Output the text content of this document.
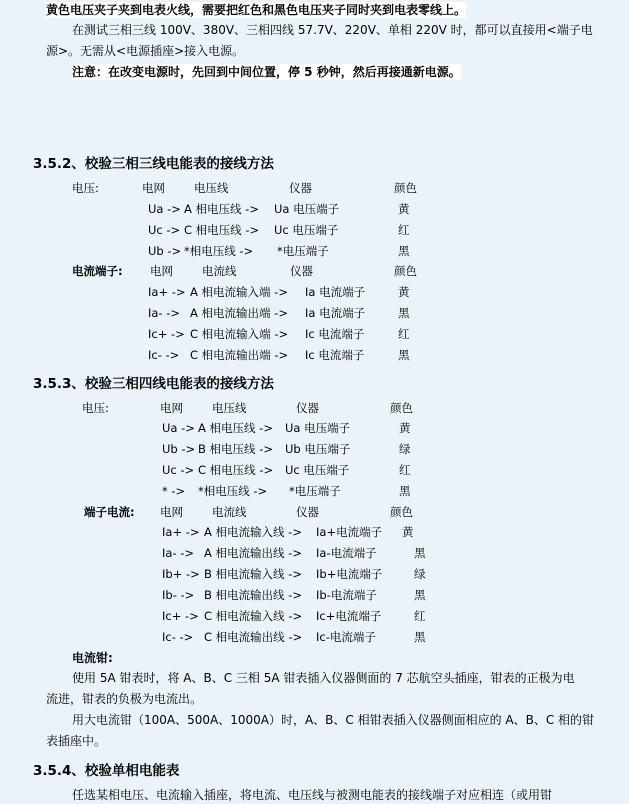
黄色电压夹子夹到电表火线，需要把红色和黑色电压夹子同时夹到电表零线上。
在测试三相三线 100V、380V、三相四线 57.7V、220V、单相 220V 时，都可以直接用<端子电
源>。无需从<电源插座>接入电源。
注意：在改变电源时，先回到中间位置，停 5 秒钟，然后再接通新电源。
3.5.2、校验三相三线电能表的接线方法
电压:	电网	电压线	仪器	颜色
Ua -> A 相电压线 -> Ua 电压端子	黄
Uc -> C 相电压线 -> Uc 电压端子	红
Ub -> *相电压线 -> *电压端子	黑
电流端子: 电网	电流线	仪器	颜色
Ia+ -> A 相电流输入端 -> Ia 电流端子	黄
Ia- -> A 相电流输出端 -> Ia 电流端子	黑
Ic+ -> C 相电流输入端 -> Ic 电流端子	红
Ic- -> C 相电流输出端 -> Ic 电流端子	黑
3.5.3、校验三相四线电能表的接线方法
电压:	电网	电压线	仪器	颜色
Ua -> A 相电压线 -> Ua 电压端子	黄
Ub -> B 相电压线 -> Ub 电压端子	绿
Uc -> C 相电压线 -> Uc 电压端子	红
* -> *相电压线 -> *电压端子	黑
端子电流: 电网	电流线	仪器	颜色
Ia+ -> A 相电流输入线 -> Ia+电流端子 黄
Ia- -> A 相电流输出线 -> Ia-电流端子	黑
Ib+ -> B 相电流输入线 -> Ib+电流端子	绿
Ib- -> B 相电流输出线 -> Ib-电流端子	黑
Ic+ -> C 相电流输入线 -> Ic+电流端子	红
Ic- -> C 相电流输出线 -> Ic-电流端子	黑
电流钳:
使用 5A 钳表时，将 A、B、C 三相 5A 钳表插入仪器侧面的 7 芯航空头插座，钳表的正极为电
流进，钳表的负极为电流出。
用大电流钳（100A、500A、1000A）时，A、B、C 相钳表插入仪器侧面相应的 A、B、C 相的钳
表插座中。
3.5.4、校验单相电能表
任选某相电压、电流输入插座，将电流、电压线与被测电能表的接线端子对应相连（或用钳
